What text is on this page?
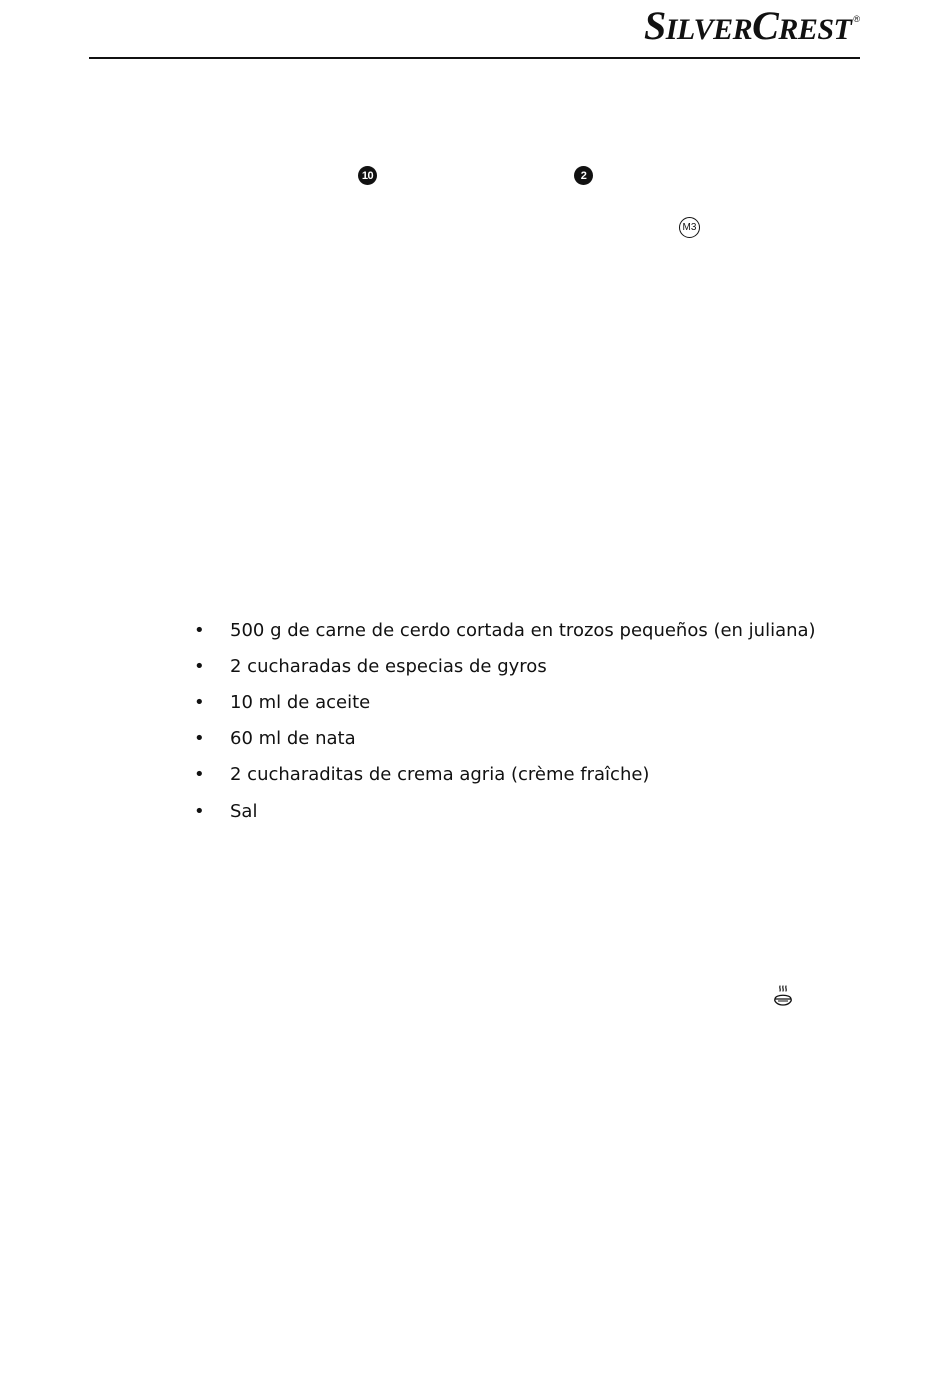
SILVERCREST ®
10	2
M3
•	500 g de carne de cerdo cortada en trozos pequeños (en juliana)
•	2 cucharadas de especias de gyros
•	10 ml de aceite
•	60 ml de nata
•	2 cucharaditas de crema agria (crème fraîche)
•	Sal
